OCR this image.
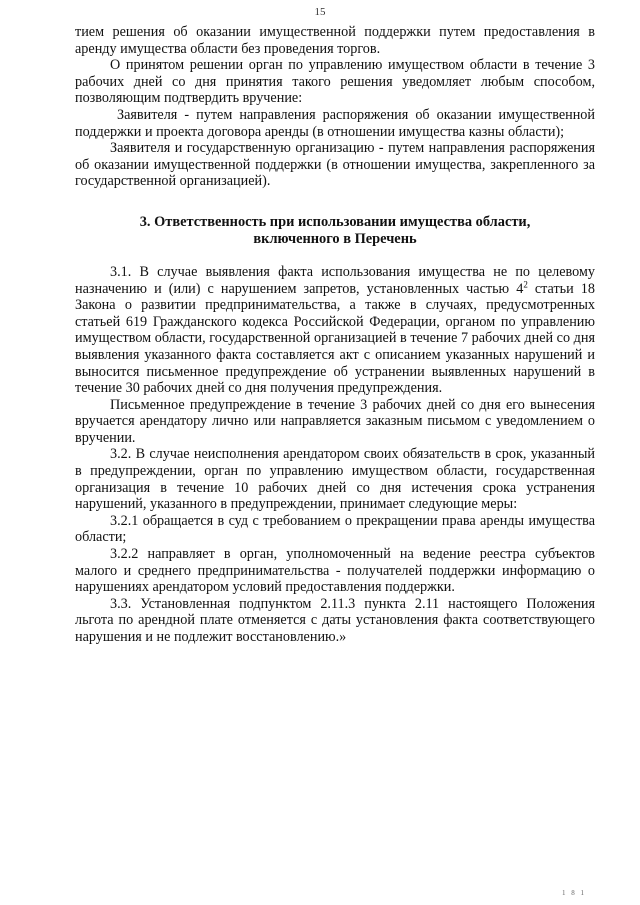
15

тием решения об оказании имущественной поддержки путем предоставления в аренду имущества области без проведения торгов.

О принятом решении орган по управлению имуществом области в течение 3 рабочих дней со дня принятия такого решения уведомляет любым способом, позволяющим подтвердить вручение:

Заявителя - путем направления распоряжения об оказании имущественной поддержки и проекта договора аренды (в отношении имущества казны области);

Заявителя и государственную организацию - путем направления распоряжения об оказании имущественной поддержки (в отношении имущества, закрепленного за государственной организацией).

3. Ответственность при использовании имущества области,
включенного в Перечень

3.1. В случае выявления факта использования имущества не по целевому назначению и (или) с нарушением запретов, установленных частью $4^2$ статьи 18 Закона о развитии предпринимательства, а также в случаях, предусмотренных статьей 619 Гражданского кодекса Российской Федерации, органом по управлению имуществом области, государственной организацией в течение 7 рабочих дней со дня выявления указанного факта составляется акт с описанием указанных нарушений и выносится письменное предупреждение об устранении выявленных нарушений в течение 30 рабочих дней со дня получения предупреждения.

Письменное предупреждение в течение 3 рабочих дней со дня его вынесения вручается арендатору лично или направляется заказным письмом с уведомлением о вручении.

3.2. В случае неисполнения арендатором своих обязательств в срок, указанный в предупреждении, орган по управлению имуществом области, государственная организация в течение 10 рабочих дней со дня истечения срока устранения нарушений, указанного в предупреждении, принимает следующие меры:

3.2.1 обращается в суд с требованием о прекращении права аренды имущества области;

3.2.2 направляет в орган, уполномоченный на ведение реестра субъектов малого и среднего предпринимательства - получателей поддержки информацию о нарушениях арендатором условий предоставления поддержки.

3.3. Установленная подпунктом 2.11.3 пункта 2.11 настоящего Положения льгота по арендной плате отменяется с даты установления факта соответствующего нарушения и не подлежит восстановлению.»

1 8 1
